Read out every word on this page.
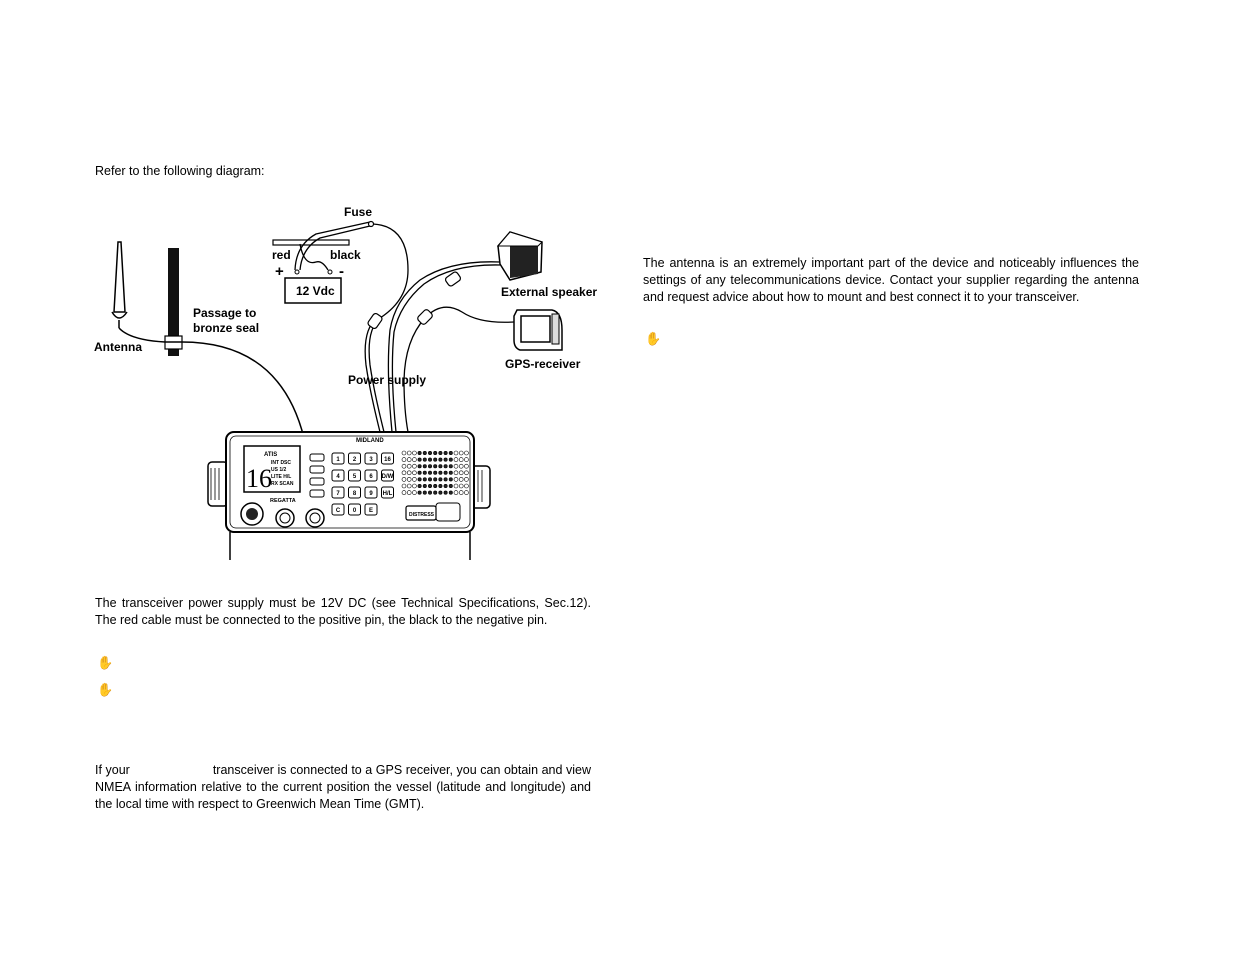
Refer to the following diagram:

Antenna
Passage to
bronze seal
12 Vdc
red	black
+	-
Fuse
Power supply
External speaker
GPS-receiver
MIDLAND
ATIS
16
INT DSC
US 1/2
LITE H/L
RX SCAN
REGATTA
1 2 3 16
4 5 6 D/W
7 8 9 H/L
C 0 E
DISTRESS
✋

The transceiver power supply must be 12V DC (see Technical Specifications, Sec.12). The red cable must be connected to the positive pin, the black to the negative pin.

✋
✋

If your	transceiver is connected to a GPS receiver, you can obtain and view NMEA information relative to the current position the vessel (latitude and longitude) and the local time with respect to Greenwich Mean Time (GMT).

The antenna is an extremely important part of the device and noticeably influences the settings of any telecommunications device. Contact your supplier regarding the antenna and request advice about how to mount and best connect it to your transceiver.
